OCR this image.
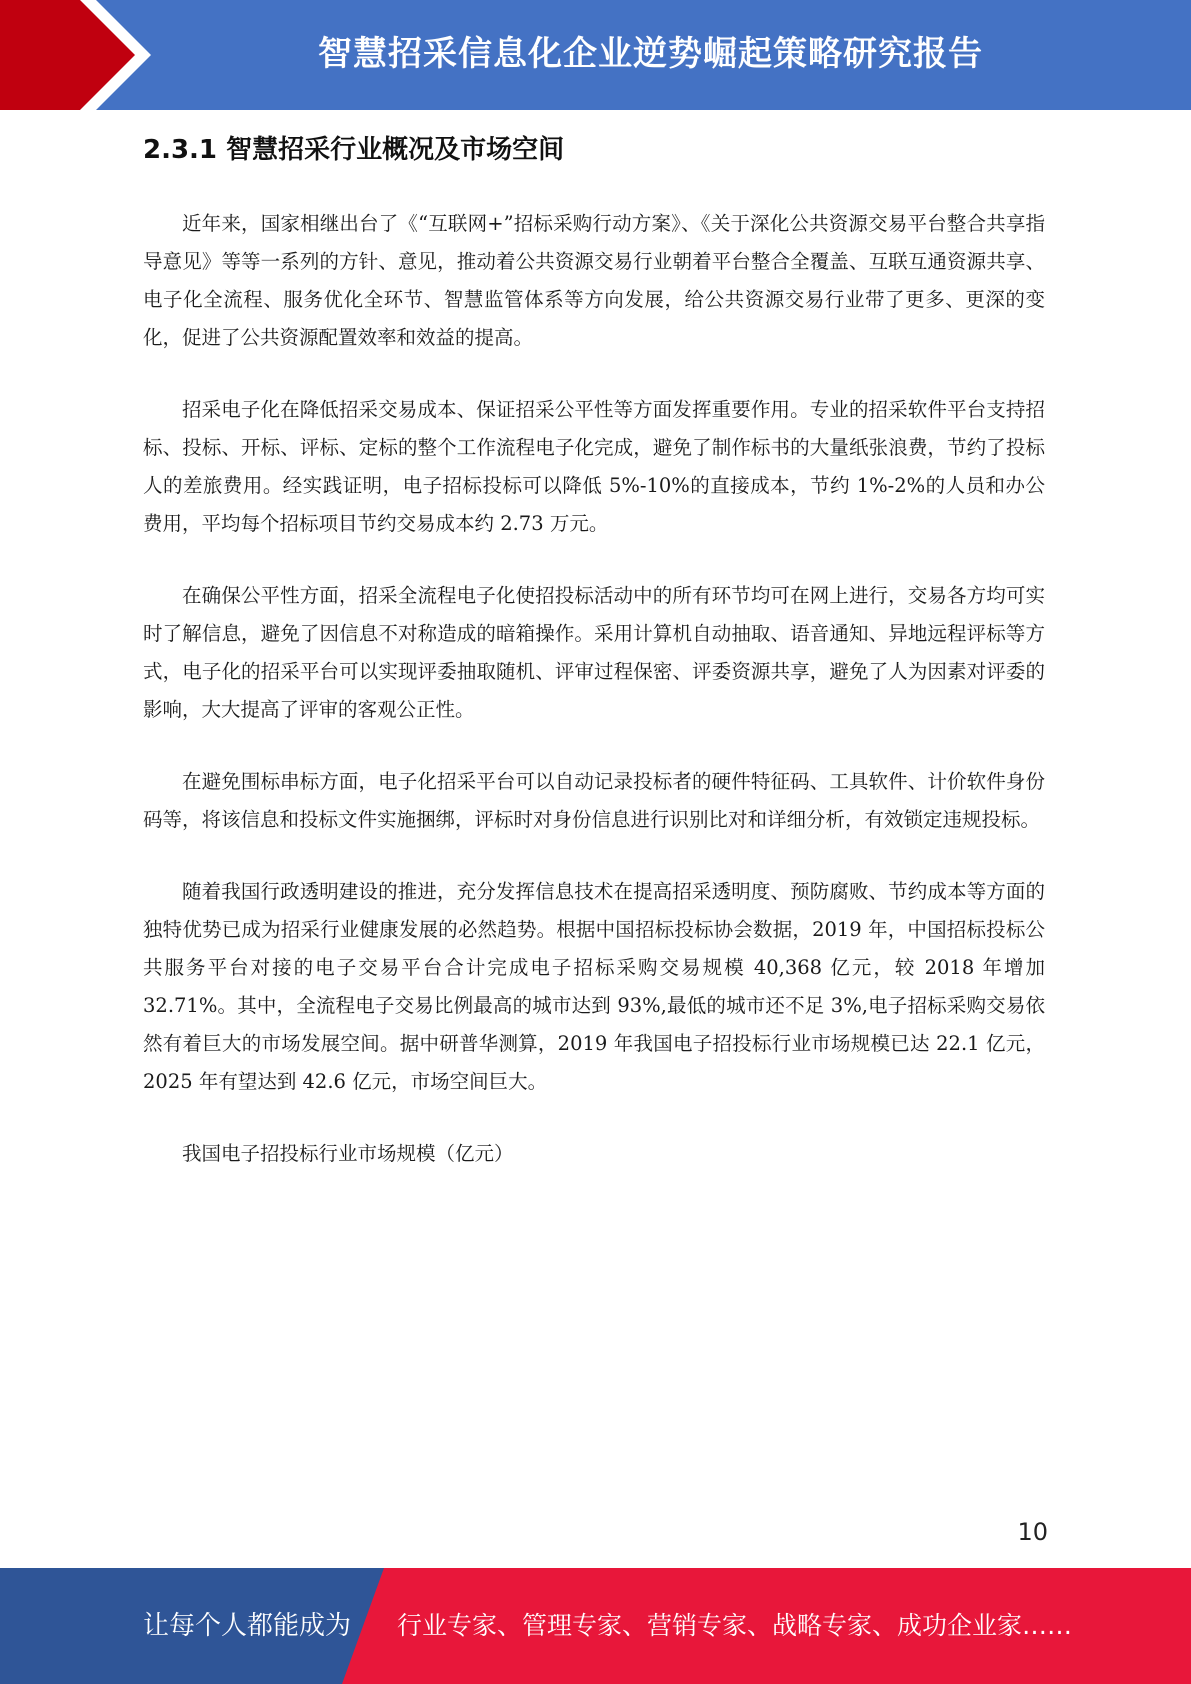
智慧招采信息化企业逆势崛起策略研究报告
2.3.1 智慧招采行业概况及市场空间

近年来，国家相继出台了《“互联网+”招标采购行动方案》、《关于深化公共资源交易平台整合共享指导意见》等等一系列的方针、意见，推动着公共资源交易行业朝着平台整合全覆盖、互联互通资源共享、电子化全流程、服务优化全环节、智慧监管体系等方向发展，给公共资源交易行业带了更多、更深的变化，促进了公共资源配置效率和效益的提高。

招采电子化在降低招采交易成本、保证招采公平性等方面发挥重要作用。专业的招采软件平台支持招标、投标、开标、评标、定标的整个工作流程电子化完成，避免了制作标书的大量纸张浪费，节约了投标人的差旅费用。经实践证明，电子招标投标可以降低 5%-10%的直接成本，节约 1%-2%的人员和办公费用，平均每个招标项目节约交易成本约 2.73 万元。

在确保公平性方面，招采全流程电子化使招投标活动中的所有环节均可在网上进行，交易各方均可实时了解信息，避免了因信息不对称造成的暗箱操作。采用计算机自动抽取、语音通知、异地远程评标等方式，电子化的招采平台可以实现评委抽取随机、评审过程保密、评委资源共享，避免了人为因素对评委的影响，大大提高了评审的客观公正性。

在避免围标串标方面，电子化招采平台可以自动记录投标者的硬件特征码、工具软件、计价软件身份码等，将该信息和投标文件实施捆绑，评标时对身份信息进行识别比对和详细分析，有效锁定违规投标。

随着我国行政透明建设的推进，充分发挥信息技术在提高招采透明度、预防腐败、节约成本等方面的独特优势已成为招采行业健康发展的必然趋势。根据中国招标投标协会数据，2019 年，中国招标投标公共服务平台对接的电子交易平台合计完成电子招标采购交易规模 40,368 亿元，较 2018 年增加 32.71%。其中，全流程电子交易比例最高的城市达到 93%,最低的城市还不足 3%,电子招标采购交易依然有着巨大的市场发展空间。据中研普华测算，2019 年我国电子招投标行业市场规模已达 22.1 亿元，2025 年有望达到 42.6 亿元，市场空间巨大。

我国电子招投标行业市场规模（亿元）

10
让每个人都能成为 行业专家、管理专家、营销专家、战略专家、成功企业家……
